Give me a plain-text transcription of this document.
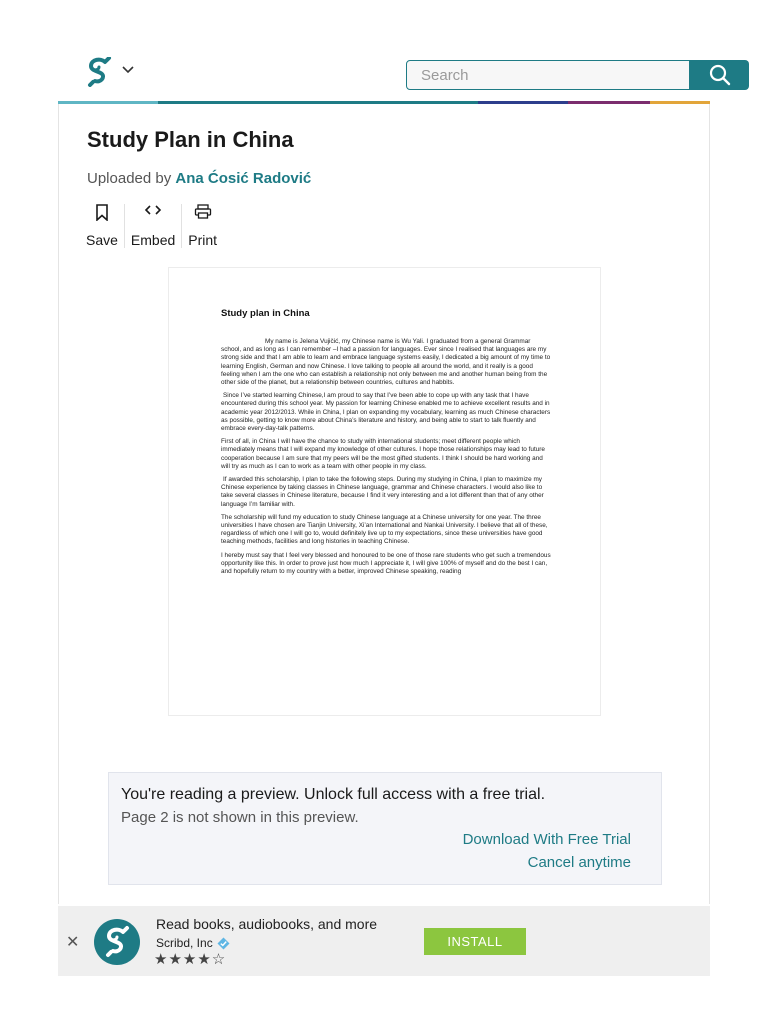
Search
Study Plan in China
Uploaded by Ana Ćosić Radović
Save Embed Print
Study plan in China

My name is Jelena Vujičić, my Chinese name is Wu Yali. I graduated from a general Grammar school, and as long as I can remember –I had a passion for languages. Ever since I realised that languages are my strong side and that I am able to learn and embrace language systems easily, I dedicated a big amount of my time to learning English, German and now Chinese. I love talking to people all around the world, and it really is a good feeling when I am the one who can establish a relationship not only between me and another human being from the other side of the planet, but a relationship between countries, cultures and habbits.

Since I’ve started learning Chinese,I am proud to say that I’ve been able to cope up with any task that I have encountered during this school year. My passion for learning Chinese enabled me to achieve excellent results and in academic year 2012/2013. While in China, I plan on expanding my vocabulary, learning as much Chinese characters as possible, getting to know more about China’s literature and history, and being able to start to talk fluently and embrace every-day-talk patterns.

First of all, in China I will have the chance to study with international students; meet different people which immediately means that I will expand my knowledge of other cultures. I hope those relationships may lead to future cooperation because I am sure that my peers will be the most gifted students. I think I should be hard working and will try as much as I can to work as a team with other people in my class.

If awarded this scholarship, I plan to take the following steps. During my studying in China, I plan to maximize my Chinese experience by taking classes in Chinese language, grammar and Chinese characters. I would also like to take several classes in Chinese literature, because I find it very interesting and a lot different than that of any other language I’m familiar with.

The scholarship will fund my education to study Chinese language at a Chinese university for one year. The three universities I have chosen are Tianjin University, Xi’an International and Nankai University. I believe that all of these, regardless of which one I will go to, would definitely live up to my expectations, since these universities have good teaching methods, facilities and long histories in teaching Chinese.

I hereby must say that I feel very blessed and honoured to be one of those rare students who get such a tremendous opportunity like this. In order to prove just how much I appreciate it, I will give 100% of myself and do the best I can, and hopefully return to my country with a better, improved Chinese speaking, reading

You're reading a preview. Unlock full access with a free trial.
Page 2 is not shown in this preview.
Download With Free Trial
Cancel anytime
✕
Read books, audiobooks, and more
Scribd, Inc
★★★★☆
INSTALL
